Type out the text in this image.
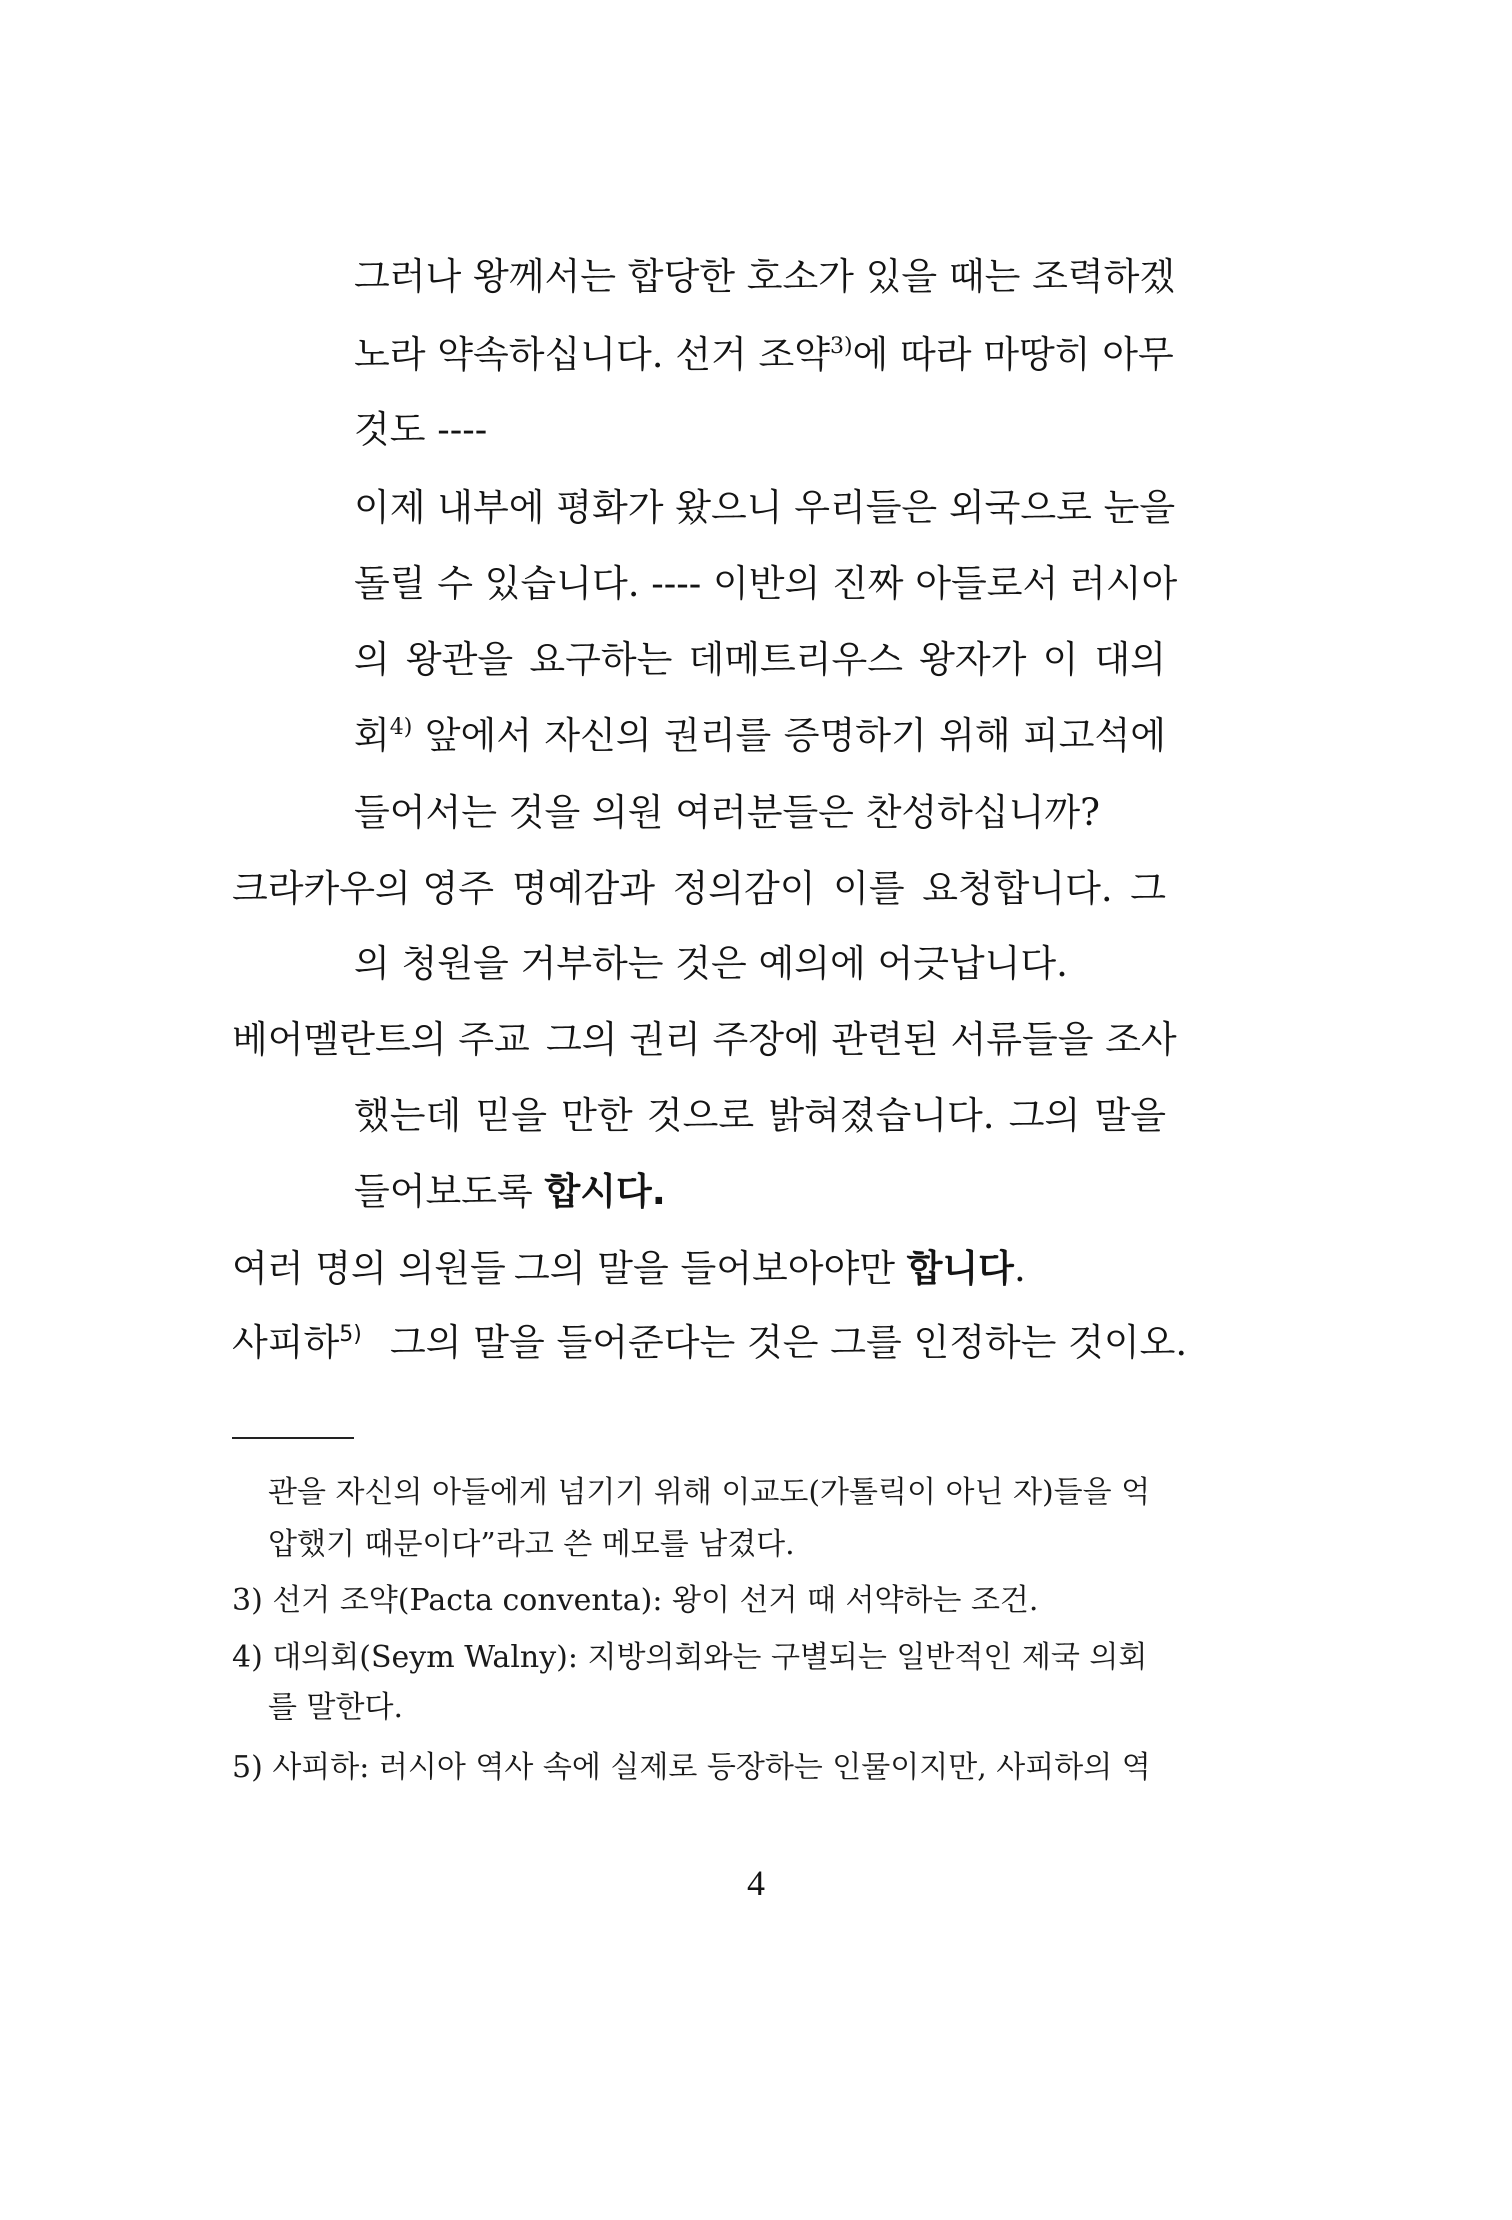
그러나 왕께서는 합당한 호소가 있을 때는 조력하겠
노라 약속하십니다. 선거 조약$^{3)}$에 따라 마땅히 아무
것도 ----
이제 내부에 평화가 왔으니 우리들은 외국으로 눈을
돌릴 수 있습니다. ---- 이반의 진짜 아들로서 러시아
의 왕관을 요구하는 데메트리우스 왕자가 이 대의
회$^{4)}$ 앞에서 자신의 권리를 증명하기 위해 피고석에
들어서는 것을 의원 여러분들은 찬성하십니까?
크라카우의 영주 명예감과 정의감이 이를 요청합니다. 그
의 청원을 거부하는 것은 예의에 어긋납니다.
베어멜란트의 주교 그의 권리 주장에 관련된 서류들을 조사
했는데 믿을 만한 것으로 밝혀졌습니다. 그의 말을
들어보도록 합시다.
여러 명의 의원들 그의 말을 들어보아야만 합니다.
사피하$^{5)}$ 그의 말을 들어준다는 것은 그를 인정하는 것이오.
관을 자신의 아들에게 넘기기 위해 이교도(가톨릭이 아닌 자)들을 억
압했기 때문이다”라고 쓴 메모를 남겼다.
3) 선거 조약(Pacta conventa): 왕이 선거 때 서약하는 조건.
4) 대의회(Seym Walny): 지방의회와는 구별되는 일반적인 제국 의회
를 말한다.
5) 사피하: 러시아 역사 속에 실제로 등장하는 인물이지만, 사피하의 역
4
